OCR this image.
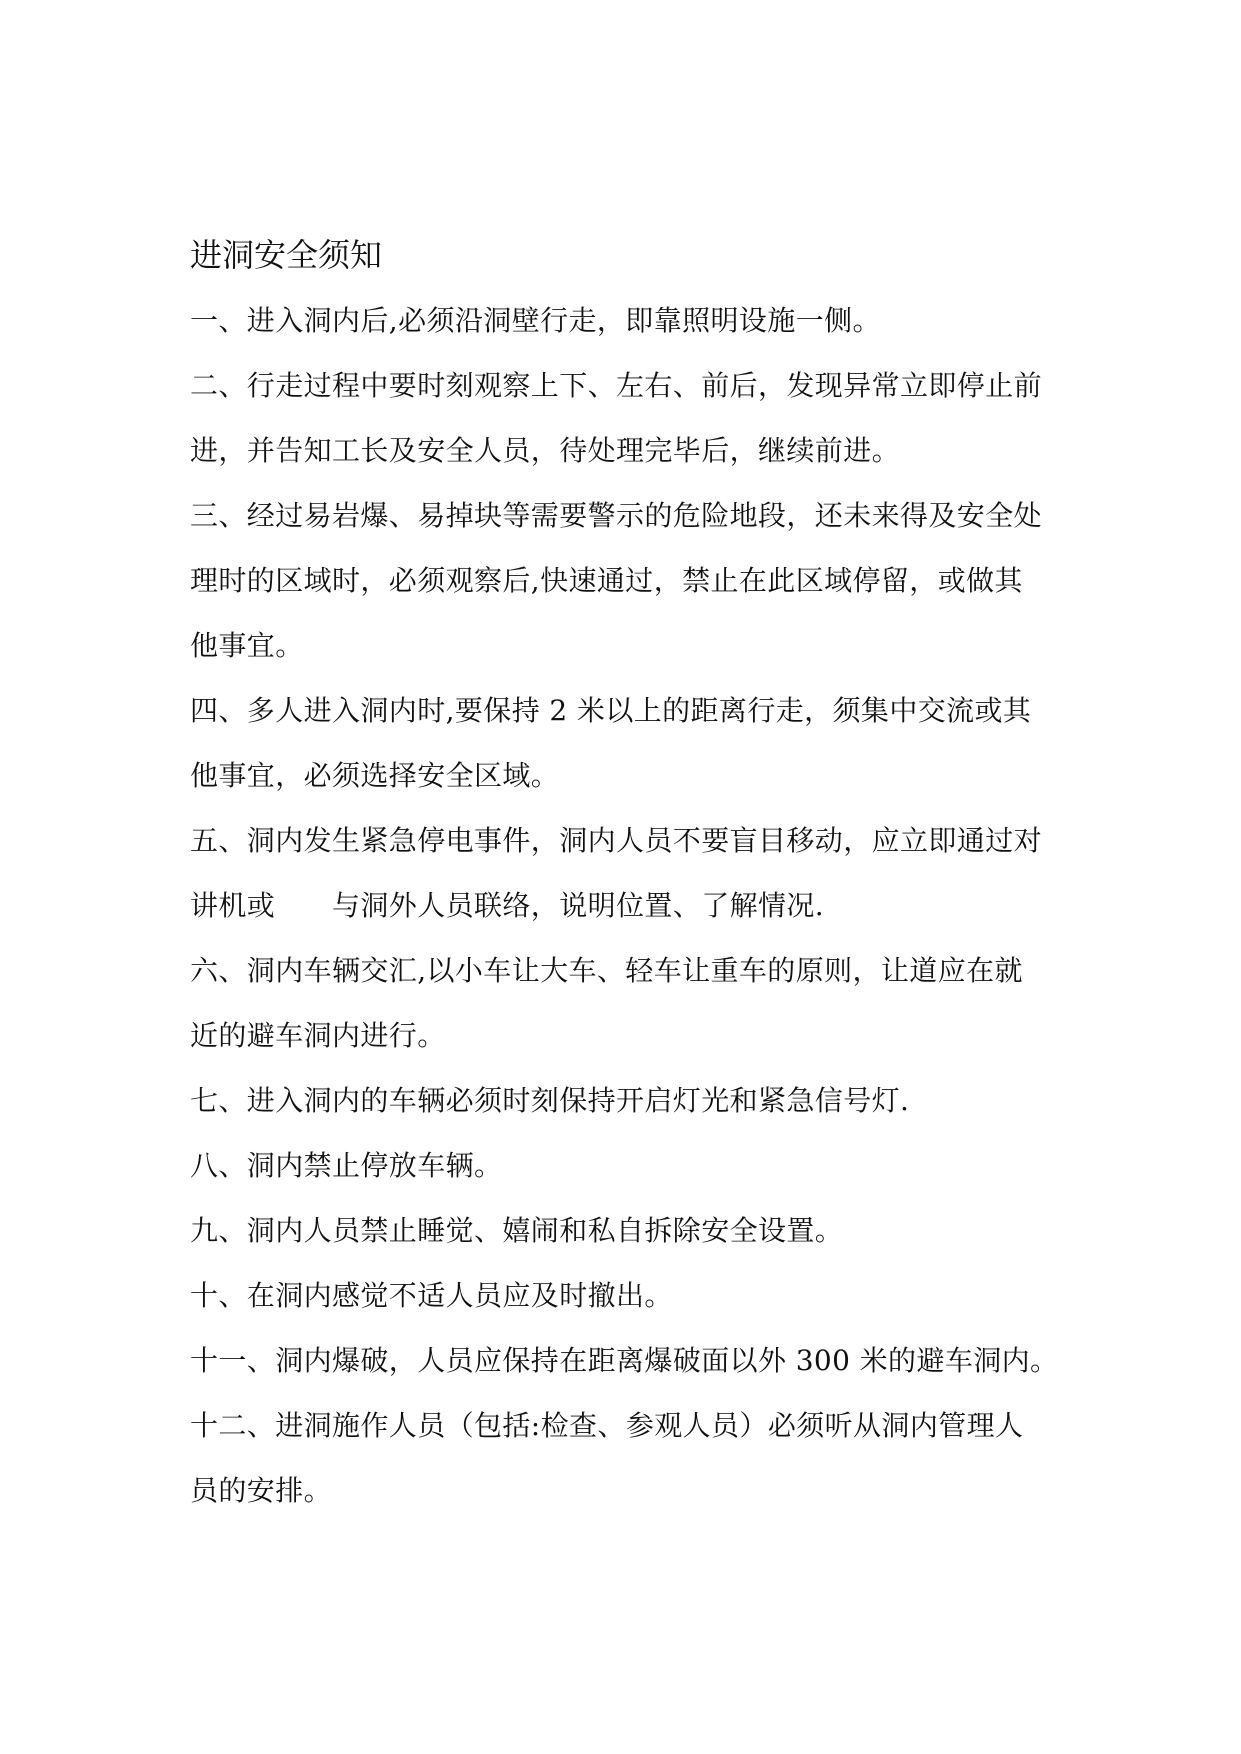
进洞安全须知

一、进入洞内后,必须沿洞壁行走，即靠照明设施一侧。

二、行走过程中要时刻观察上下、左右、前后，发现异常立即停止前
进，并告知工长及安全人员，待处理完毕后，继续前进。

三、经过易岩爆、易掉块等需要警示的危险地段，还未来得及安全处
理时的区域时，必须观察后,快速通过，禁止在此区域停留，或做其
他事宜。

四、多人进入洞内时,要保持 2 米以上的距离行走，须集中交流或其
他事宜，必须选择安全区域。

五、洞内发生紧急停电事件，洞内人员不要盲目移动，应立即通过对
讲机或　　与洞外人员联络，说明位置、了解情况.

六、洞内车辆交汇,以小车让大车、轻车让重车的原则，让道应在就
近的避车洞内进行。

七、进入洞内的车辆必须时刻保持开启灯光和紧急信号灯.

八、洞内禁止停放车辆。

九、洞内人员禁止睡觉、嬉闹和私自拆除安全设置。

十、在洞内感觉不适人员应及时撤出。

十一、洞内爆破，人员应保持在距离爆破面以外 300 米的避车洞内。

十二、进洞施作人员（包括:检查、参观人员）必须听从洞内管理人
员的安排。
